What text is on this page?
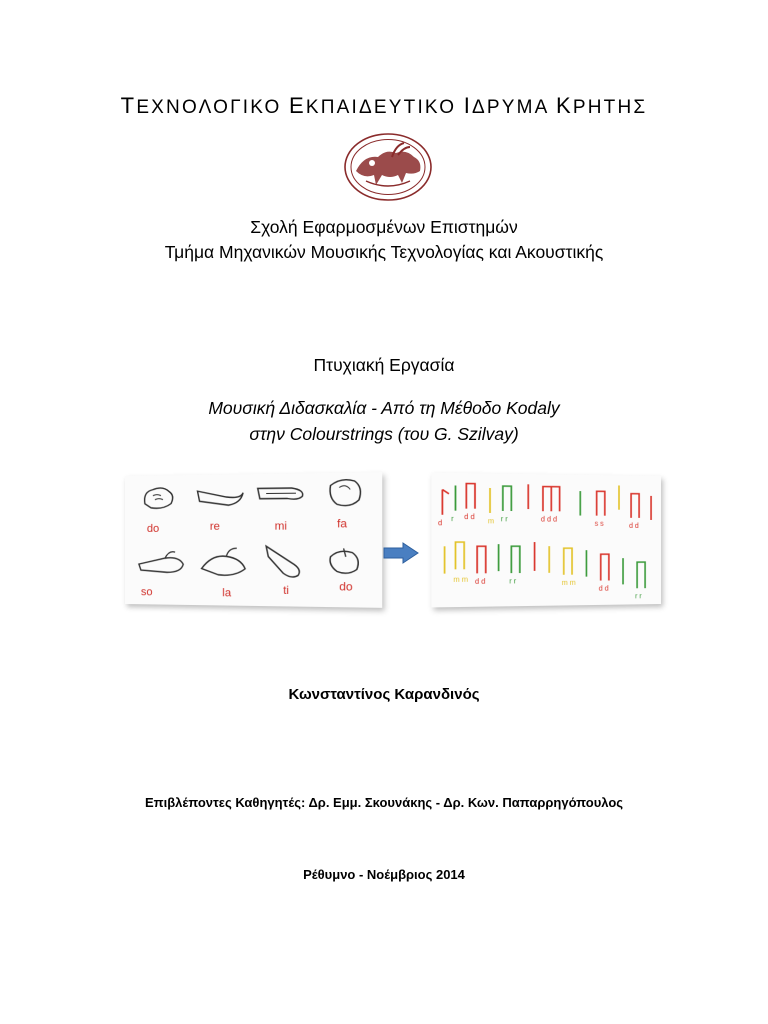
ΤΕΧΝΟΛΟΓΙΚΟ ΕΚΠΑΙΔΕΥΤΙΚΟ ΙΔΡΥΜΑ ΚΡΗΤΗΣ
Σχολή Εφαρμοσμένων Επιστημών
Τμήμα Μηχανικών Μουσικής Τεχνολογίας και Ακουστικής
Πτυχιακή Εργασία
Μουσική Διδασκαλία - Από τη Μέθοδο Kodaly
στην Colourstrings (του G. Szilvay)
do	re	mi	fa
so	la	ti	do
d
r d d
m r r	d d d
s s	d d
m m d d	r r	m m
d d
r r
Κωνσταντίνος Καρανδινός
Επιβλέποντες Καθηγητές: Δρ. Εμμ. Σκουνάκης - Δρ. Κων. Παπαρρηγόπουλος
Ρέθυμνο - Νοέμβριος 2014
